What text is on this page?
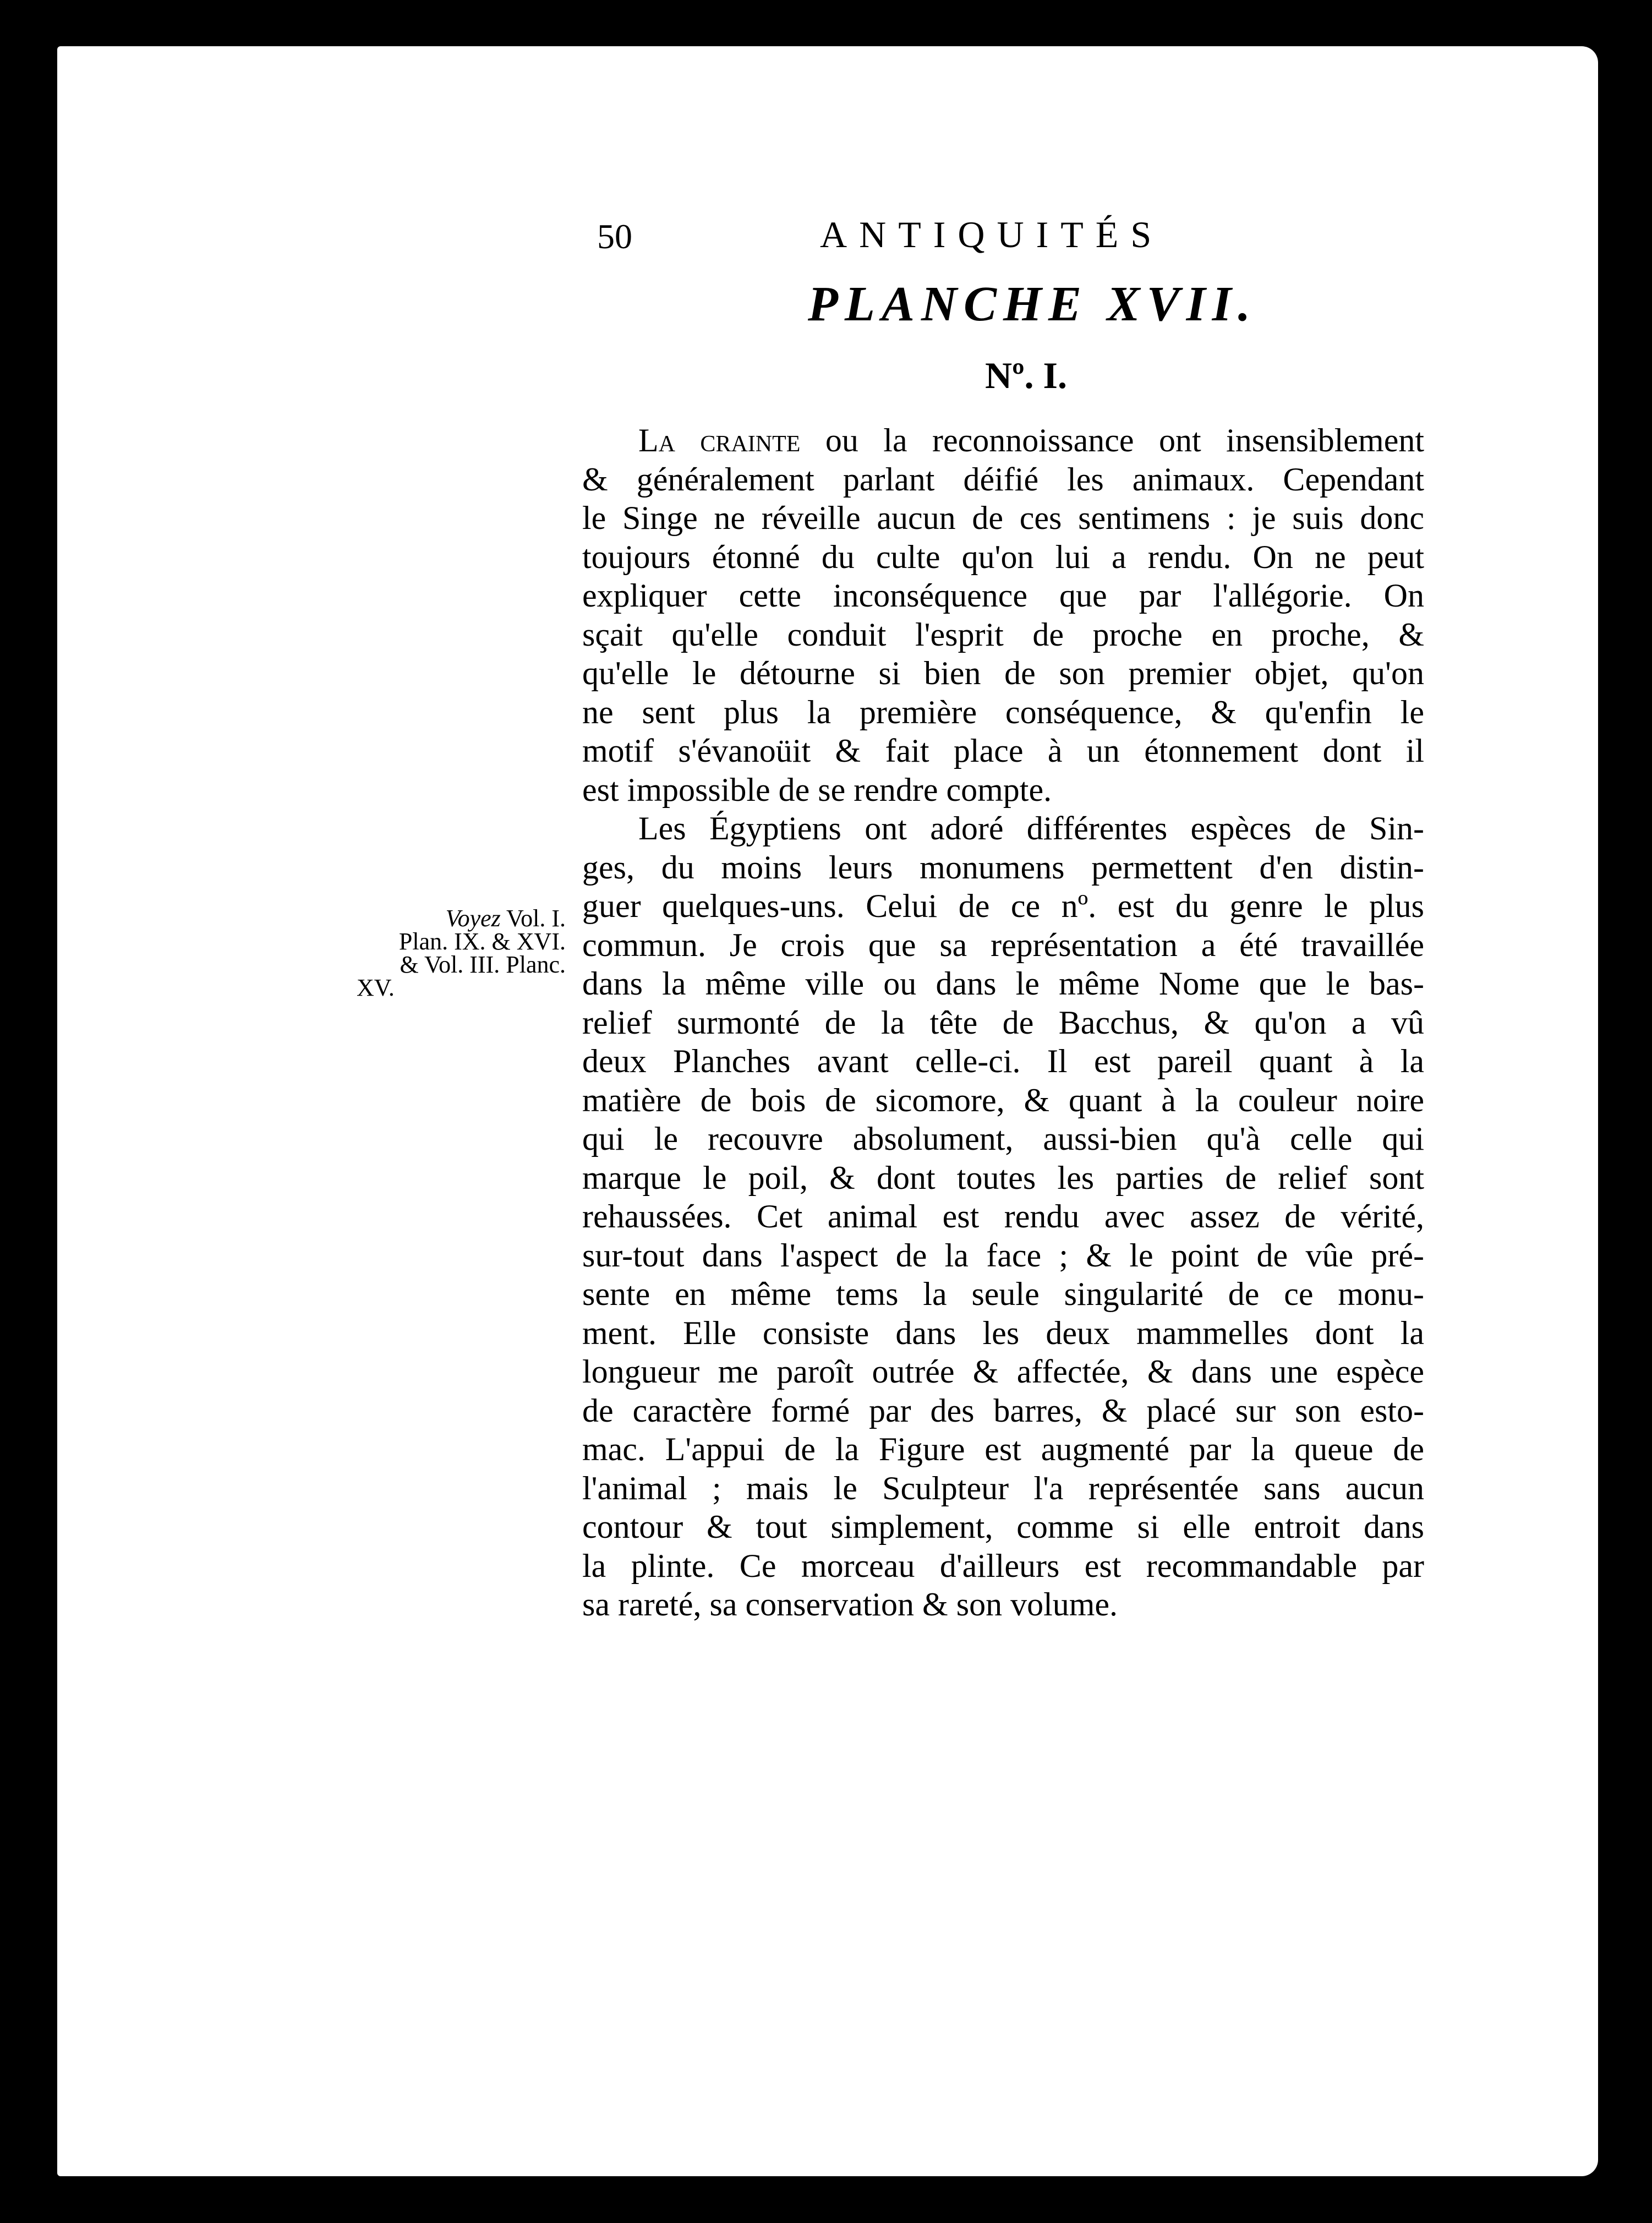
50	ANTIQUITÉS
PLANCHE XVII.
Nº. I.
La crainte ou la reconnoissance ont insensiblement
& généralement parlant déifié les animaux. Cependant
le Singe ne réveille aucun de ces sentimens : je suis donc
toujours étonné du culte qu'on lui a rendu. On ne peut
expliquer cette inconséquence que par l'allégorie. On
sçait qu'elle conduit l'esprit de proche en proche, &
qu'elle le détourne si bien de son premier objet, qu'on
ne sent plus la première conséquence, & qu'enfin le
motif s'évanoüit & fait place à un étonnement dont il
est impossible de se rendre compte.
Les Égyptiens ont adoré différentes espèces de Sin-
ges, du moins leurs monumens permettent d'en distin-
guer quelques-uns. Celui de ce nº. est du genre le plus
commun. Je crois que sa représentation a été travaillée
dans la même ville ou dans le même Nome que le bas-
relief surmonté de la tête de Bacchus, & qu'on a vû
deux Planches avant celle-ci. Il est pareil quant à la
matière de bois de sicomore, & quant à la couleur noire
qui le recouvre absolument, aussi-bien qu'à celle qui
marque le poil, & dont toutes les parties de relief sont
rehaussées. Cet animal est rendu avec assez de vérité,
sur-tout dans l'aspect de la face ; & le point de vûe pré-
sente en même tems la seule singularité de ce monu-
ment. Elle consiste dans les deux mammelles dont la
longueur me paroît outrée & affectée, & dans une espèce
de caractère formé par des barres, & placé sur son esto-
mac. L'appui de la Figure est augmenté par la queue de
l'animal ; mais le Sculpteur l'a représentée sans aucun
contour & tout simplement, comme si elle entroit dans
la plinte. Ce morceau d'ailleurs est recommandable par
sa rareté, sa conservation & son volume.
Voyez Vol. I.
Plan. IX. & XVI.
& Vol. III. Planc.
XV.
